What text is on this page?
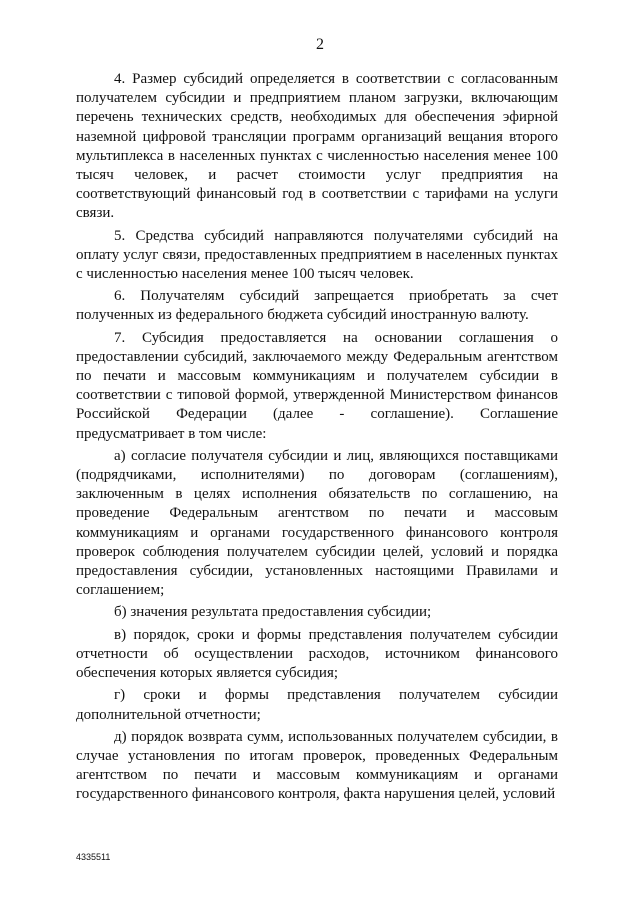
2

4. Размер субсидий определяется в соответствии с согласованным получателем субсидии и предприятием планом загрузки, включающим перечень технических средств, необходимых для обеспечения эфирной наземной цифровой трансляции программ организаций вещания второго мультиплекса в населенных пунктах с численностью населения менее 100 тысяч человек, и расчет стоимости услуг предприятия на соответствующий финансовый год в соответствии с тарифами на услуги связи.

5. Средства субсидий направляются получателями субсидий на оплату услуг связи, предоставленных предприятием в населенных пунктах с численностью населения менее 100 тысяч человек.

6. Получателям субсидий запрещается приобретать за счет полученных из федерального бюджета субсидий иностранную валюту.

7. Субсидия предоставляется на основании соглашения о предоставлении субсидий, заключаемого между Федеральным агентством по печати и массовым коммуникациям и получателем субсидии в соответствии с типовой формой, утвержденной Министерством финансов Российской Федерации (далее - соглашение). Соглашение предусматривает в том числе:

а) согласие получателя субсидии и лиц, являющихся поставщиками (подрядчиками, исполнителями) по договорам (соглашениям), заключенным в целях исполнения обязательств по соглашению, на проведение Федеральным агентством по печати и массовым коммуникациям и органами государственного финансового контроля проверок соблюдения получателем субсидии целей, условий и порядка предоставления субсидии, установленных настоящими Правилами и соглашением;

б) значения результата предоставления субсидии;

в) порядок, сроки и формы представления получателем субсидии отчетности об осуществлении расходов, источником финансового обеспечения которых является субсидия;

г) сроки и формы представления получателем субсидии дополнительной отчетности;

д) порядок возврата сумм, использованных получателем субсидии, в случае установления по итогам проверок, проведенных Федеральным агентством по печати и массовым коммуникациям и органами государственного финансового контроля, факта нарушения целей, условий

4335511
